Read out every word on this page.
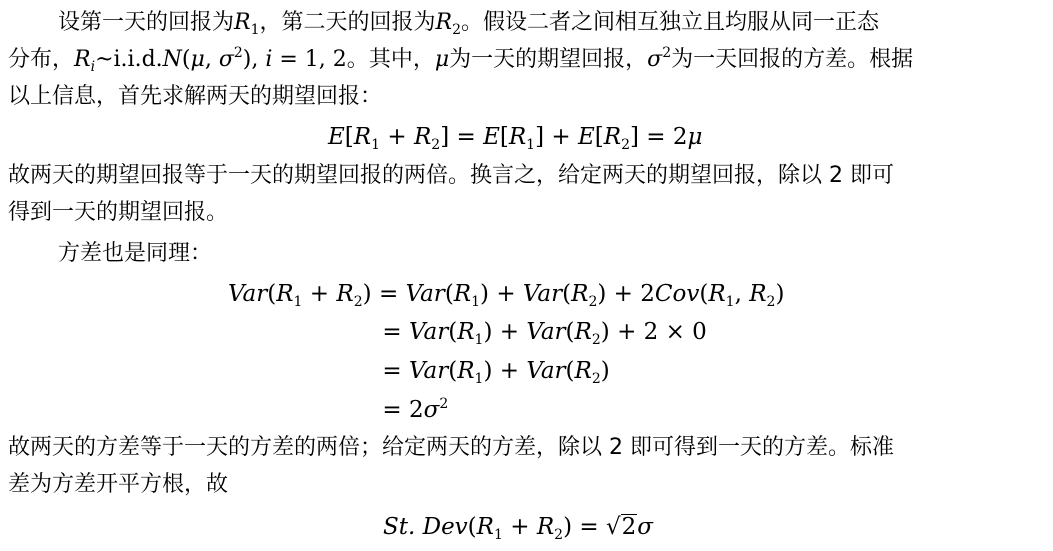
设第一天的回报为$R_1$，第二天的回报为$R_2$。假设二者之间相互独立且均服从同一正态
分布，$R_i\sim i.i.d.N(\mu$, $\sigma^2$), i = 1, 2。其中，μ为一天的期望回报，$\sigma^2$为一天回报的方差。根据
以上信息，首先求解两天的期望回报：
$E[R_1 + R_2] = E[R_1] + E[R_2] = 2\mu$
故两天的期望回报等于一天的期望回报的两倍。换言之，给定两天的期望回报，除以 2 即可
得到一天的期望回报。
方差也是同理：
$Var(R_1 + R_2) = Var(R_1) + Var(R_2) + 2Cov(R_1$, $R_2$)
= $Var(R_1) + Var(R_2) + 2 \times 0$
= $Var(R_1) + Var(R_2)$
= $2\sigma^2$
故两天的方差等于一天的方差的两倍；给定两天的方差，除以 2 即可得到一天的方差。标准
差为方差开平方根，故
St. $Dev(R_1 + R_2) = √2\sigma$
